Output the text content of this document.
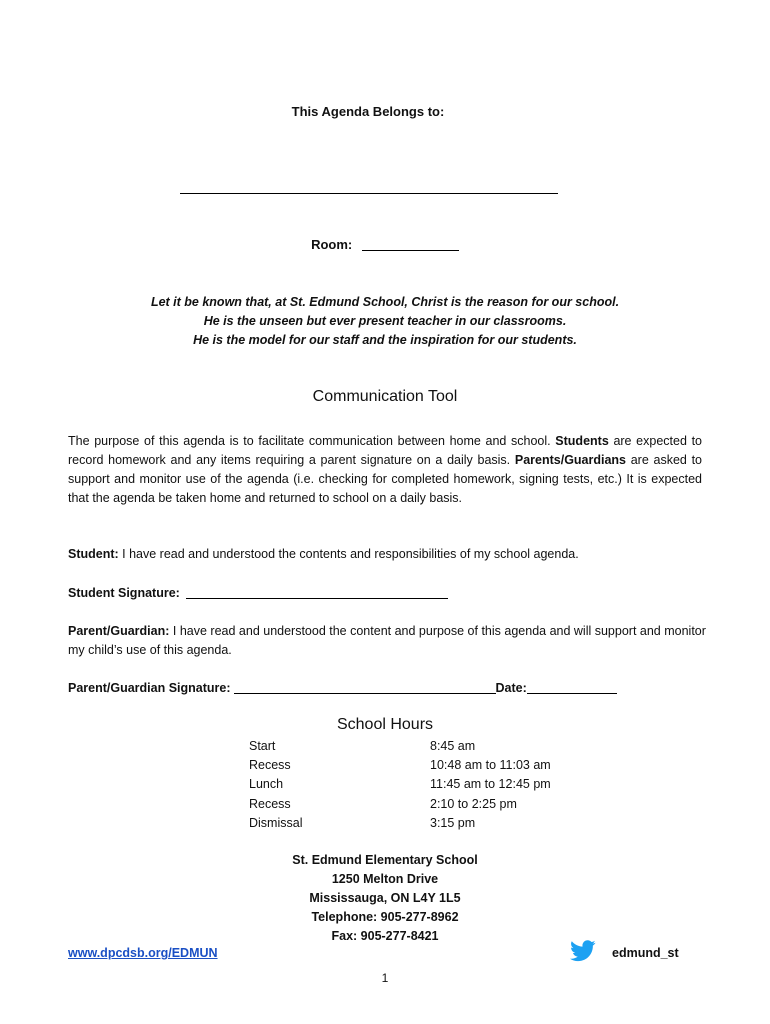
This Agenda Belongs to:
Room:
Let it be known that, at St. Edmund School, Christ is the reason for our school.
He is the unseen but ever present teacher in our classrooms.
He is the model for our staff and the inspiration for our students.
Communication Tool
The purpose of this agenda is to facilitate communication between home and school. Students are expected to record homework and any items requiring a parent signature on a daily basis. Parents/Guardians are asked to support and monitor use of the agenda (i.e. checking for completed homework, signing tests, etc.) It is expected that the agenda be taken home and returned to school on a daily basis.
Student: I have read and understood the contents and responsibilities of my school agenda.
Student Signature:
Parent/Guardian: I have read and understood the content and purpose of this agenda and will support and monitor my child’s use of this agenda.
Parent/Guardian Signature:	Date:
School Hours
Start	8:45 am
Recess	10:48 am to 11:03 am
Lunch	11:45 am to 12:45 pm
Recess	2:10 to 2:25 pm
Dismissal	3:15 pm
St. Edmund Elementary School
1250 Melton Drive
Mississauga, ON L4Y 1L5
Telephone: 905-277-8962
Fax: 905-277-8421
www.dpcdsb.org/EDMUN	edmund_st
1
